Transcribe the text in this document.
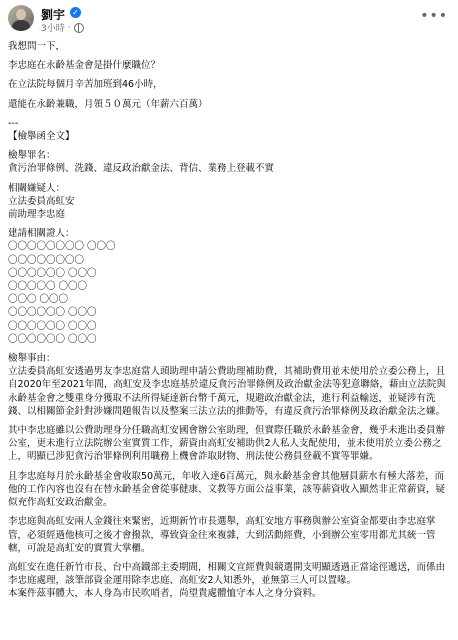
劉宇 ✓
3小時 ·
•••

我想問一下，

李忠庭在永齡基金會是掛什麼職位？

在立法院每個月辛苦加班到46小時，

還能在永齡兼職，月領５０萬元（年薪六百萬）

---

【檢舉函全文】

檢舉罪名：

貪污治罪條例、洗錢、違反政治獻金法、背信、業務上登載不實

相關嫌疑人：

立法委員高虹安

前助理李忠庭

建請相關證人：

〇〇〇〇〇〇〇〇 〇〇〇

〇〇〇〇〇〇〇〇

〇〇〇〇〇〇 〇〇〇

〇〇〇〇〇 〇〇〇

〇〇〇 〇〇〇

〇〇〇〇〇〇 〇〇〇

〇〇〇〇〇〇 〇〇〇

〇〇〇〇〇〇 〇〇〇

檢舉事由：

立法委員高虹安透過男友李忠庭當人頭助理申請公費助理補助費，其補助費用並未使用於立委公務上，且自2020年至2021年間，高虹安及李忠庭基於違反貪污治罪條例及政治獻金法等犯意聯絡，藉由立法院與永齡基金會之雙重身分獲取不法所得疑達新台幣千萬元，規避政治獻金法，進行利益輸送，並疑涉有洗錢、以相關節金針對涉嫌問題報告以及整案三法立法的推動等，有違反貪污治罪條例及政治獻金法之嫌。

其中李忠庭雖以公費助理身分任職高虹安國會辦公室助理，但實際任職於永齡基金會，幾乎未進出委員辦公室，更未進行立法院辦公室實質工作，薪資由高虹安補助供2人私人支配使用，並未使用於立委公務之上，明顯已涉犯貪污治罪條例利用職務上機會詐取財物、刑法使公務員登載不實等罪嫌。

且李忠庭每月於永齡基金會收取50萬元，年收入達6百萬元，與永齡基金會其他層員薪水有極大落差，而他的工作內容也沒有在替永齡基金會從事健康、文教等方面公益事業，該等薪資收入顯然非正常薪資，疑似充作高虹安政治獻金。

李忠庭與高虹安兩人金錢往來緊密，近期新竹市長選舉，高虹安地方事務與辦公室資金都要由李忠庭掌管，必須經過他核可之後才會撥款，導致資金往來複雜，大到活動經費，小到辦公室零用都尤其統一管轄，可說是高虹安的實質大掌櫃。

高虹安在進任新竹市長、台中高鐵部主委期間，相關文宣經費與競選開支明顯透過正當途徑遞送，而係由李忠庭處理，該筆部資金運用除李忠庭、高虹安2人知悉外，並無第三人可以置喙。

本案件茲事體大，本人身為市民吹哨者，尚望貴處體恤守本人之身分資料。
